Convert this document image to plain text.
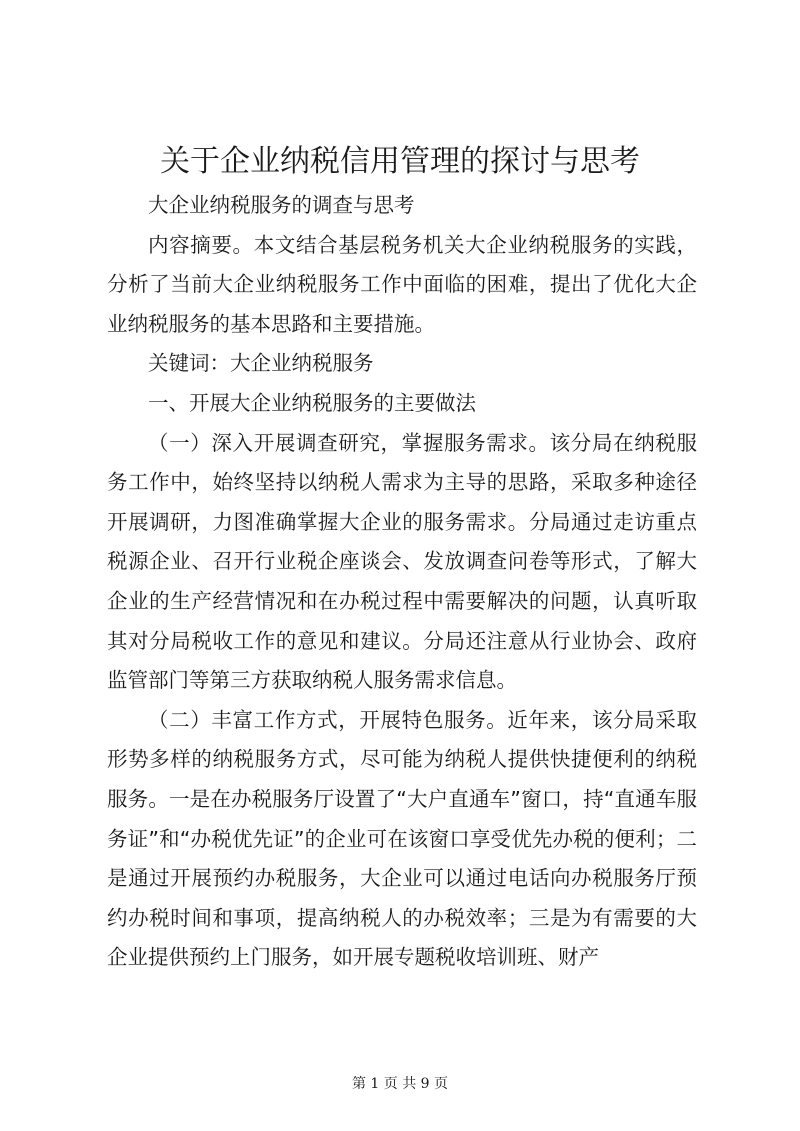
关于企业纳税信用管理的探讨与思考

大企业纳税服务的调查与思考

内容摘要。本文结合基层税务机关大企业纳税服务的实践，分析了当前大企业纳税服务工作中面临的困难，提出了优化大企业纳税服务的基本思路和主要措施。

关键词：大企业纳税服务

一、开展大企业纳税服务的主要做法

（一）深入开展调查研究，掌握服务需求。该分局在纳税服务工作中，始终坚持以纳税人需求为主导的思路，采取多种途径开展调研，力图准确掌握大企业的服务需求。分局通过走访重点税源企业、召开行业税企座谈会、发放调查问卷等形式，了解大企业的生产经营情况和在办税过程中需要解决的问题，认真听取其对分局税收工作的意见和建议。分局还注意从行业协会、政府监管部门等第三方获取纳税人服务需求信息。

（二）丰富工作方式，开展特色服务。近年来，该分局采取形势多样的纳税服务方式，尽可能为纳税人提供快捷便利的纳税服务。一是在办税服务厅设置了“大户直通车”窗口，持“直通车服务证”和“办税优先证”的企业可在该窗口享受优先办税的便利；二是通过开展预约办税服务，大企业可以通过电话向办税服务厅预约办税时间和事项，提高纳税人的办税效率；三是为有需要的大企业提供预约上门服务，如开展专题税收培训班、财产

第 1 页 共 9 页
